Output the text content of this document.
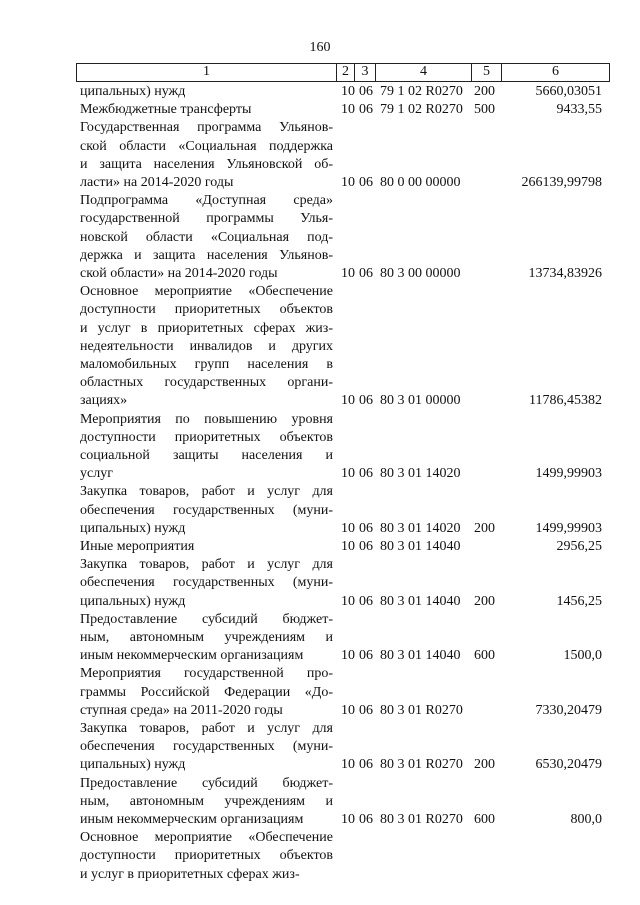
160
1	2 3	4	5	6
ципальных) нужд	10 06 79 1 02 R0270 200	5660,03051
Межбюджетные трансферты	10 06 79 1 02 R0270 500	9433,55
Государственная программа Ульянов-
ской области «Социальная поддержка
и защита населения Ульяновской об-
ласти» на 2014-2020 годы	10 06 80 0 00 00000	266139,99798
Подпрограмма «Доступная среда»
государственной программы Улья-
новской области «Социальная под-
держка и защита населения Ульянов-
ской области» на 2014-2020 годы	10 06 80 3 00 00000	13734,83926
Основное мероприятие «Обеспечение
доступности приоритетных объектов
и услуг в приоритетных сферах жиз-
недеятельности инвалидов и других
маломобильных групп населения в
областных государственных органи-
зациях»	10 06 80 3 01 00000	11786,45382
Мероприятия по повышению уровня
доступности приоритетных объектов
социальной защиты населения и
услуг	10 06 80 3 01 14020	1499,99903
Закупка товаров, работ и услуг для
обеспечения государственных (муни-
ципальных) нужд	10 06 80 3 01 14020 200	1499,99903
Иные мероприятия	10 06 80 3 01 14040	2956,25
Закупка товаров, работ и услуг для
обеспечения государственных (муни-
ципальных) нужд	10 06 80 3 01 14040 200	1456,25
Предоставление субсидий бюджет-
ным, автономным учреждениям и
иным некоммерческим организациям	10 06 80 3 01 14040 600	1500,0
Мероприятия государственной про-
граммы Российской Федерации «До-
ступная среда» на 2011-2020 годы	10 06 80 3 01 R0270	7330,20479
Закупка товаров, работ и услуг для
обеспечения государственных (муни-
ципальных) нужд	10 06 80 3 01 R0270 200	6530,20479
Предоставление субсидий бюджет-
ным, автономным учреждениям и
иным некоммерческим организациям	10 06 80 3 01 R0270 600	800,0
Основное мероприятие «Обеспечение
доступности приоритетных объектов
и услуг в приоритетных сферах жиз-
